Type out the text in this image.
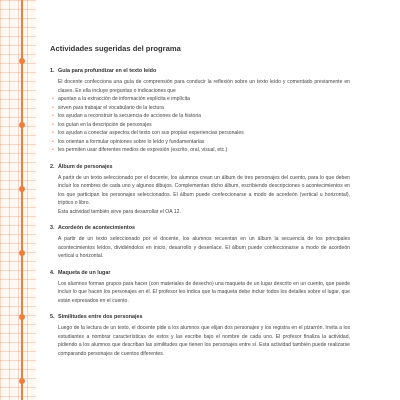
Actividades sugeridas del programa
1. Guía para profundizar en el texto leído
El docente confecciona una guía de comprensión para conducir la reflexión sobre un texto leído y comentado previamente en clases. En ella incluye preguntas o indicaciones que
• apuntan a la extracción de información explícita e implícita
• sirven para trabajar el vocabulario de la lectura
• los ayudan a reconstruir la secuencia de acciones de la historia
• los guían en la descripción de personajes
• los ayudan a conectar aspectos del texto con sus propias experiencias personales
• los orientan a formular opiniones sobre lo leído y fundamentarlas
• les permiten usar diferentes medios de expresión (escrito, oral, visual, etc.)
2. Álbum de personajes
A partir de un texto seleccionado por el docente, los alumnos crean un álbum de tres personajes del cuento, para lo que deben incluir los nombres de cada uno y algunos dibujos. Complementan dicho álbum, escribiendo descripciones o acontecimientos en los que participan los personajes seleccionados. El álbum puede confeccionarse a modo de acordeón (vertical u horizontal), tríptico o libro.
Esta actividad también sirve para desarrollar el OA 12.
3. Acordeón de acontecimientos
A partir de un texto seleccionado por el docente, los alumnos recuentan en un álbum la secuencia de los principales acontecimientos leídos, dividiéndolos en inicio, desarrollo y desenlace. El álbum puede confeccionarse a modo de acordeón vertical u horizontal.
4. Maqueta de un lugar
Los alumnos forman grupos para hacer (con materiales de desecho) una maqueta de un lugar descrito en un cuento, que puede incluir lo que hacen los personajes en él. El profesor les indica que la maqueta debe incluir todos los detalles sobre el lugar, que están expresados en el cuento.
5. Similitudes entre dos personajes
Luego de la lectura de un texto, el docente pide a los alumnos que elijan dos personajes y los registra en el pizarrón. Invita a los estudiantes a nombrar características de estos y las escribe bajo el nombre de cada uno. El profesor finaliza la actividad, pidiendo a los alumnos que describan las similitudes que tienen los personajes entre sí. Esta actividad también puede realizarse comparando personajes de cuentos diferentes.
